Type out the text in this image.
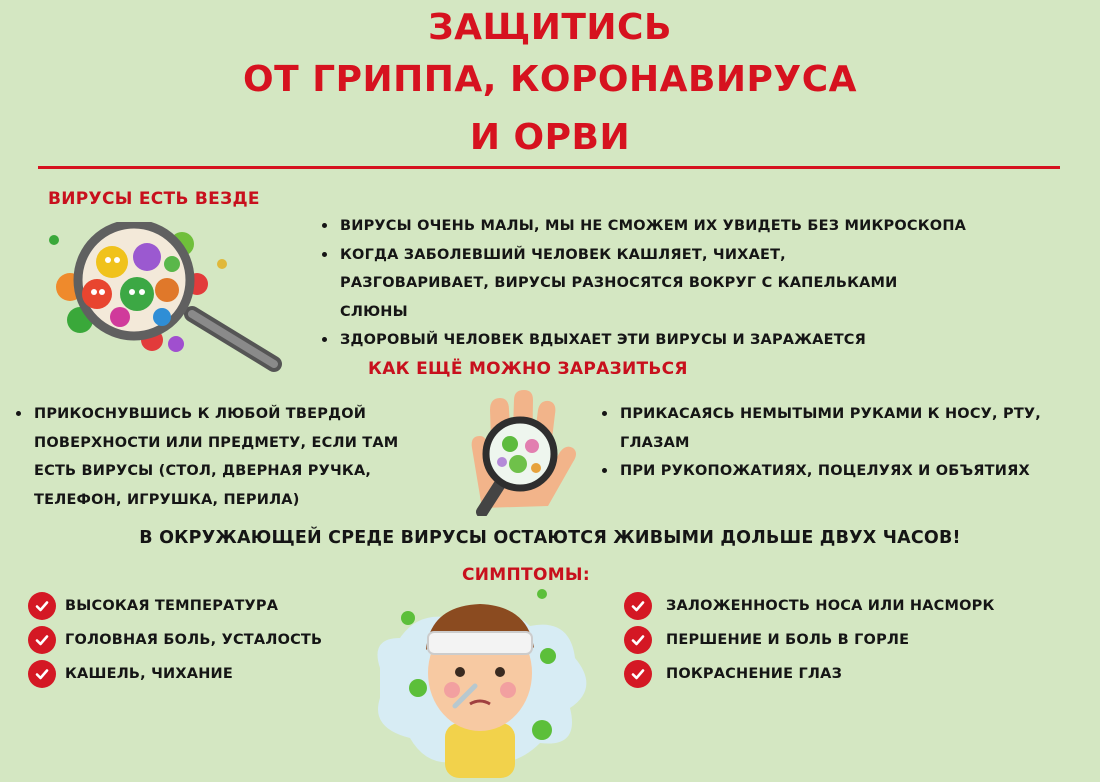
ЗАЩИТИСЬ
ОТ ГРИППА, КОРОНАВИРУСА
И ОРВИ
ВИРУСЫ ЕСТЬ ВЕЗДЕ
ВИРУСЫ ОЧЕНЬ МАЛЫ, МЫ НЕ СМОЖЕМ ИХ УВИДЕТЬ БЕЗ МИКРОСКОПА
КОГДА ЗАБОЛЕВШИЙ ЧЕЛОВЕК КАШЛЯЕТ, ЧИХАЕТ, РАЗГОВАРИВАЕТ, ВИРУСЫ РАЗНОСЯТСЯ ВОКРУГ С КАПЕЛЬКАМИ СЛЮНЫ
ЗДОРОВЫЙ ЧЕЛОВЕК ВДЫХАЕТ ЭТИ ВИРУСЫ И ЗАРАЖАЕТСЯ
КАК ЕЩЁ МОЖНО ЗАРАЗИТЬСЯ
ПРИКОСНУВШИСЬ К ЛЮБОЙ ТВЕРДОЙ ПОВЕРХНОСТИ ИЛИ ПРЕДМЕТУ, ЕСЛИ ТАМ ЕСТЬ ВИРУСЫ (СТОЛ, ДВЕРНАЯ РУЧКА, ТЕЛЕФОН, ИГРУШКА, ПЕРИЛА)
ПРИКАСАЯСЬ НЕМЫТЫМИ РУКАМИ К НОСУ, РТУ, ГЛАЗАМ
ПРИ РУКОПОЖАТИЯХ, ПОЦЕЛУЯХ И ОБЪЯТИЯХ
В ОКРУЖАЮЩЕЙ СРЕДЕ ВИРУСЫ ОСТАЮТСЯ ЖИВЫМИ ДОЛЬШЕ ДВУХ ЧАСОВ!
СИМПТОМЫ:
ВЫСОКАЯ ТЕМПЕРАТУРА
ГОЛОВНАЯ БОЛЬ, УСТАЛОСТЬ
КАШЕЛЬ, ЧИХАНИЕ
ЗАЛОЖЕННОСТЬ НОСА ИЛИ НАСМОРК
ПЕРШЕНИЕ И БОЛЬ В ГОРЛЕ
ПОКРАСНЕНИЕ ГЛАЗ
